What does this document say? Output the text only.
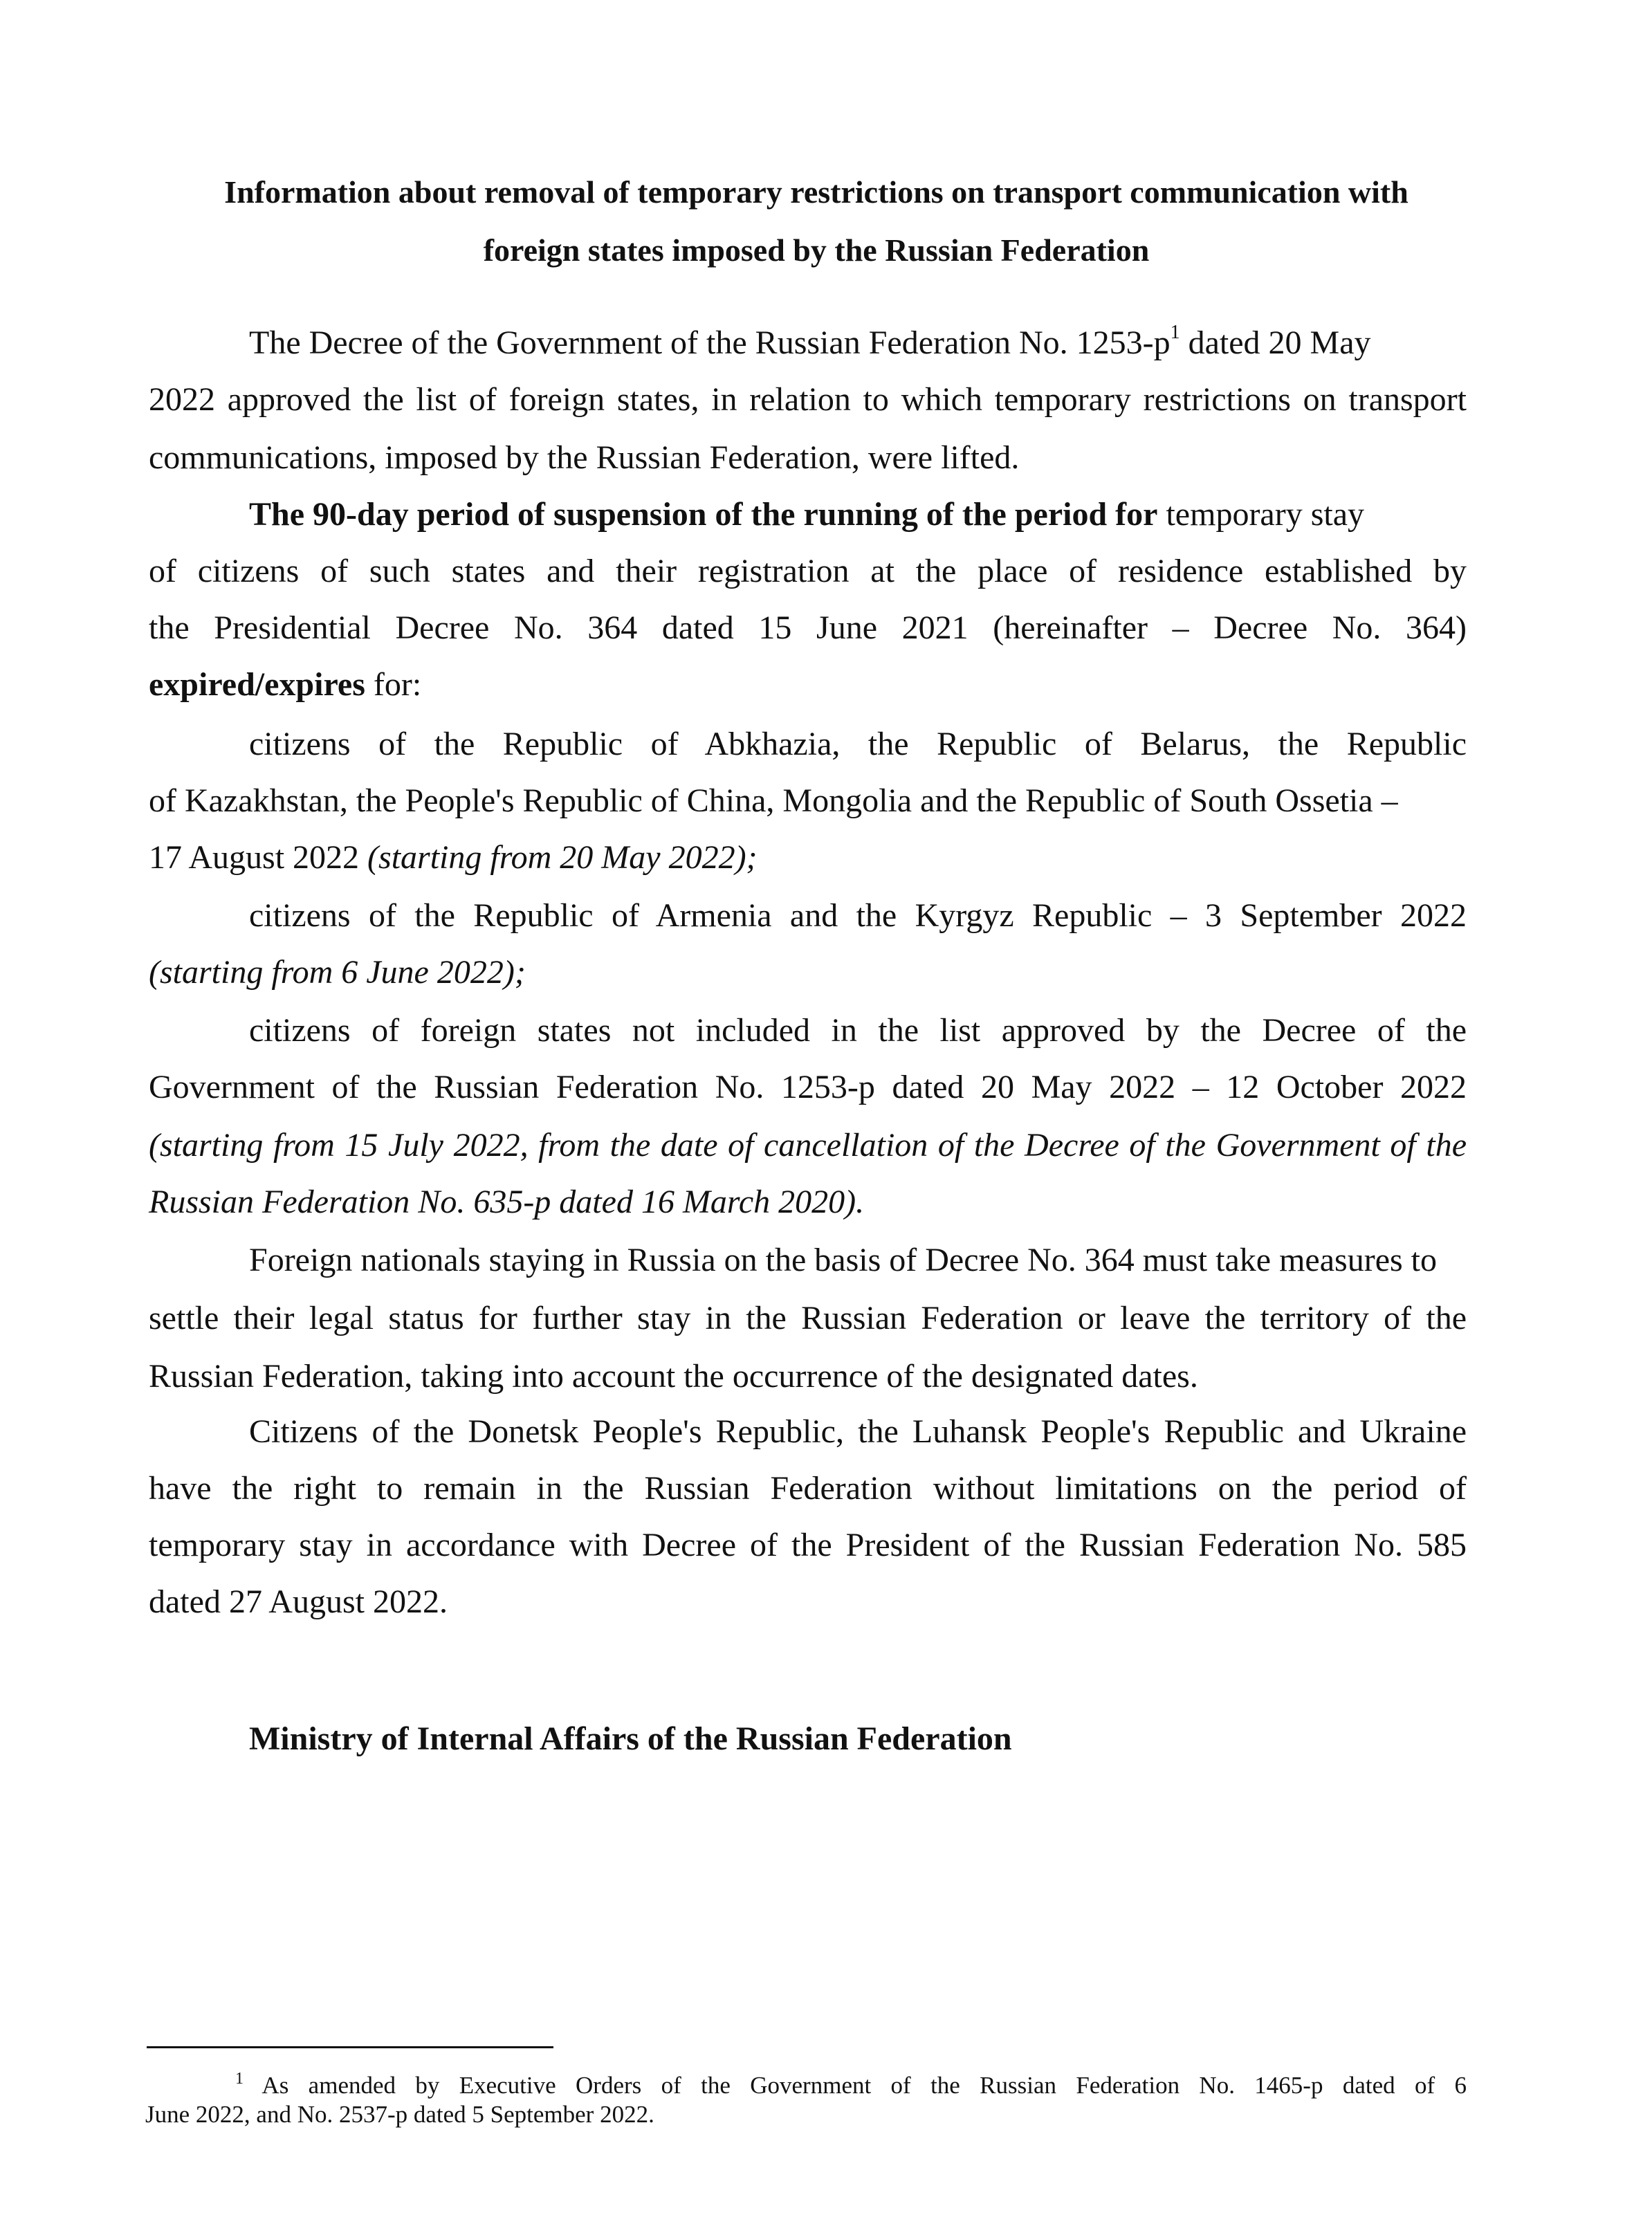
Information about removal of temporary restrictions on transport communication with
foreign states imposed by the Russian Federation
The Decree of the Government of the Russian Federation No. $1253-p^1$ dated 20 May
2022 approved the list of foreign states, in relation to which temporary restrictions on transport
communications, imposed by the Russian Federation, were lifted.
The 90-day period of suspension of the running of the period for temporary stay
of citizens of such states and their registration at the place of residence established by
the Presidential Decree No. 364 dated 15 June 2021 (hereinafter – Decree No. 364)
expired/expires for:
citizens of the Republic of Abkhazia, the Republic of Belarus, the Republic
of Kazakhstan, the People's Republic of China, Mongolia and the Republic of South Ossetia –
17 August 2022 (starting from 20 May 2022);
citizens of the Republic of Armenia and the Kyrgyz Republic – 3 September 2022
(starting from 6 June 2022);
citizens of foreign states not included in the list approved by the Decree of the
Government of the Russian Federation No. 1253-p dated 20 May 2022 – 12 October 2022
(starting from 15 July 2022, from the date of cancellation of the Decree of the Government of the
Russian Federation No. 635-p dated 16 March 2020).
Foreign nationals staying in Russia on the basis of Decree No. 364 must take measures to
settle their legal status for further stay in the Russian Federation or leave the territory of the
Russian Federation, taking into account the occurrence of the designated dates.
Citizens of the Donetsk People's Republic, the Luhansk People's Republic and Ukraine
have the right to remain in the Russian Federation without limitations on the period of
temporary stay in accordance with Decree of the President of the Russian Federation No. 585
dated 27 August 2022.
Ministry of Internal Affairs of the Russian Federation
$^1$ As amended by Executive Orders of the Government of the Russian Federation No. 1465-p dated of 6
June 2022, and No. 2537-p dated 5 September 2022.
